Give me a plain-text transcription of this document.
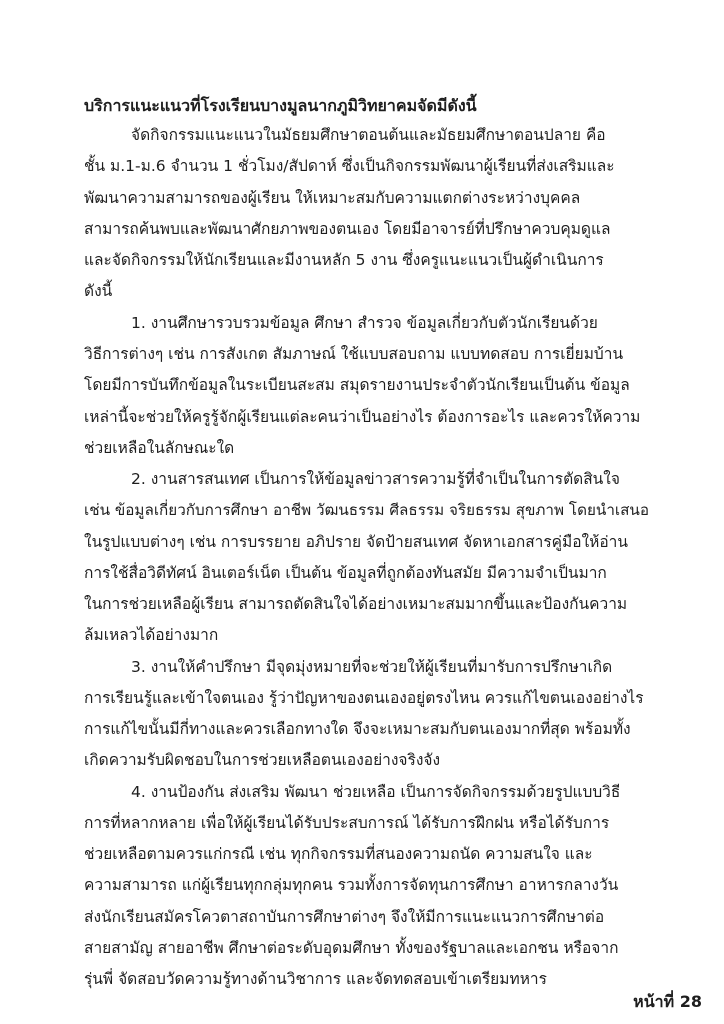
บริการแนะแนวที่โรงเรียนบางมูลนากภูมิวิทยาคมจัดมีดังนี้
จัดกิจกรรมแนะแนวในมัธยมศึกษาตอนต้นและมัธยมศึกษาตอนปลาย คือ
ชั้น ม.1-ม.6 จำนวน 1 ชั่วโมง/สัปดาห์ ซึ่งเป็นกิจกรรมพัฒนาผู้เรียนที่ส่งเสริมและ
พัฒนาความสามารถของผู้เรียน ให้เหมาะสมกับความแตกต่างระหว่างบุคคล
สามารถค้นพบและพัฒนาศักยภาพของตนเอง โดยมีอาจารย์ที่ปรึกษาควบคุมดูแล
และจัดกิจกรรมให้นักเรียนและมีงานหลัก 5 งาน ซึ่งครูแนะแนวเป็นผู้ดำเนินการ
ดังนี้
1. งานศึกษารวบรวมข้อมูล ศึกษา สำรวจ ข้อมูลเกี่ยวกับตัวนักเรียนด้วย
วิธีการต่างๆ เช่น การสังเกต สัมภาษณ์ ใช้แบบสอบถาม แบบทดสอบ การเยี่ยมบ้าน
โดยมีการบันทึกข้อมูลในระเบียนสะสม สมุดรายงานประจำตัวนักเรียนเป็นต้น ข้อมูล
เหล่านี้จะช่วยให้ครูรู้จักผู้เรียนแต่ละคนว่าเป็นอย่างไร ต้องการอะไร และควรให้ความ
ช่วยเหลือในลักษณะใด
2. งานสารสนเทศ เป็นการให้ข้อมูลข่าวสารความรู้ที่จำเป็นในการตัดสินใจ
เช่น ข้อมูลเกี่ยวกับการศึกษา อาชีพ วัฒนธรรม ศีลธรรม จริยธรรม สุขภาพ โดยนำเสนอ
ในรูปแบบต่างๆ เช่น การบรรยาย อภิปราย จัดป้ายสนเทศ จัดหาเอกสารคู่มือให้อ่าน
การใช้สื่อวิดีทัศน์ อินเตอร์เน็ต เป็นต้น ข้อมูลที่ถูกต้องทันสมัย มีความจำเป็นมาก
ในการช่วยเหลือผู้เรียน สามารถตัดสินใจได้อย่างเหมาะสมมากขึ้นและป้องกันความ
ล้มเหลวได้อย่างมาก
3. งานให้คำปรึกษา มีจุดมุ่งหมายที่จะช่วยให้ผู้เรียนที่มารับการปรึกษาเกิด
การเรียนรู้และเข้าใจตนเอง รู้ว่าปัญหาของตนเองอยู่ตรงไหน ควรแก้ไขตนเองอย่างไร
การแก้ไขนั้นมีกี่ทางและควรเลือกทางใด จึงจะเหมาะสมกับตนเองมากที่สุด พร้อมทั้ง
เกิดความรับผิดชอบในการช่วยเหลือตนเองอย่างจริงจัง
4. งานป้องกัน ส่งเสริม พัฒนา ช่วยเหลือ เป็นการจัดกิจกรรมด้วยรูปแบบวิธี
การที่หลากหลาย เพื่อให้ผู้เรียนได้รับประสบการณ์ ได้รับการฝึกฝน หรือได้รับการ
ช่วยเหลือตามควรแก่กรณี เช่น ทุกกิจกรรมที่สนองความถนัด ความสนใจ และ
ความสามารถ แก่ผู้เรียนทุกกลุ่มทุกคน รวมทั้งการจัดทุนการศึกษา อาหารกลางวัน
ส่งนักเรียนสมัครโควตาสถาบันการศึกษาต่างๆ จึงให้มีการแนะแนวการศึกษาต่อ
สายสามัญ สายอาชีพ ศึกษาต่อระดับอุดมศึกษา ทั้งของรัฐบาลและเอกชน หรือจาก
รุ่นพี่ จัดสอบวัดความรู้ทางด้านวิชาการ และจัดทดสอบเข้าเตรียมทหาร
หน้าที่ 28
